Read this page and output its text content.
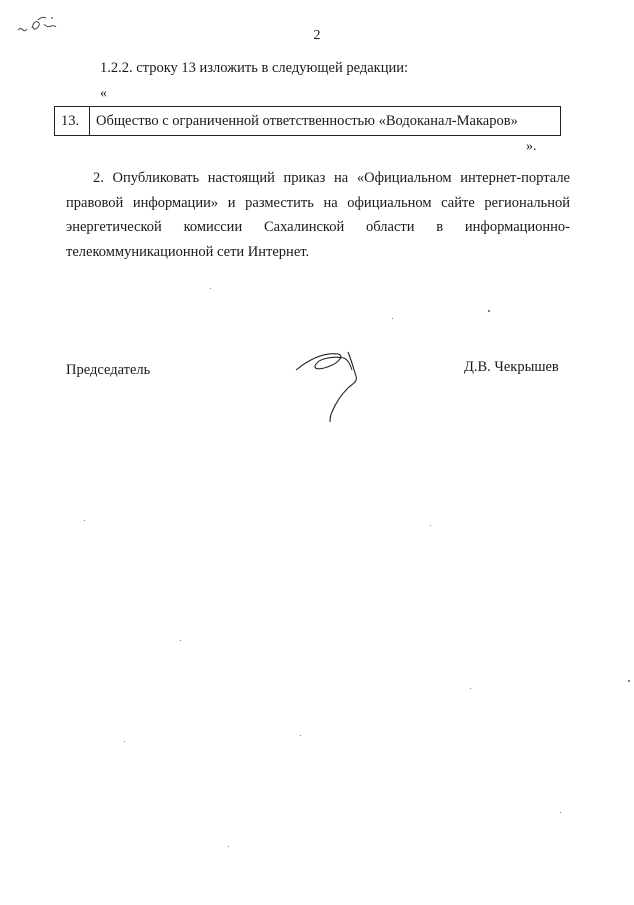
2
1.2.2. строку 13 изложить в следующей редакции:
«
13.	Общество с ограниченной ответственностью «Водоканал-Макаров»
».

2. Опубликовать настоящий приказ на «Официальном интернет-портале правовой информации» и разместить на официальном сайте региональной энергетической комиссии Сахалинской области в информационно-телекоммуникационной сети Интернет.

Председатель	Д.В. Чекрышев
